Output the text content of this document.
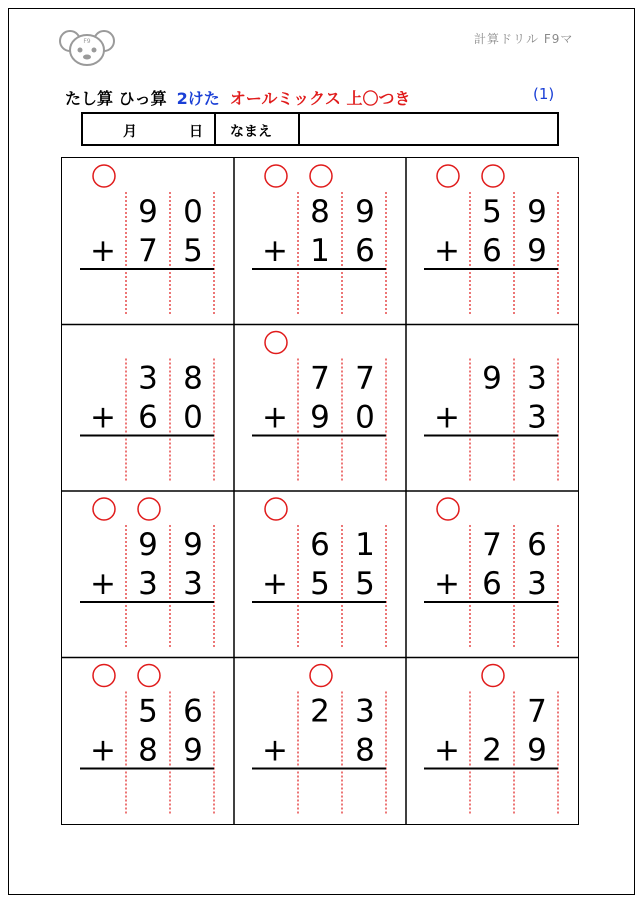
F9	計算ドリル F9マ
たし算 ひっ算 2けた オールミックス 上〇つき	(1)
月	日 なまえ
9 0
7 5
+
8 9
1 6
+
5 9
6 9
+
3 8
6 0
+
7 7
9 0
+
9 3
3
+
9 9
3 3
+
6 1
5 5
+
7 6
6 3
+
5 6
8 9
+
2 3
8
+
7
2 9
+
